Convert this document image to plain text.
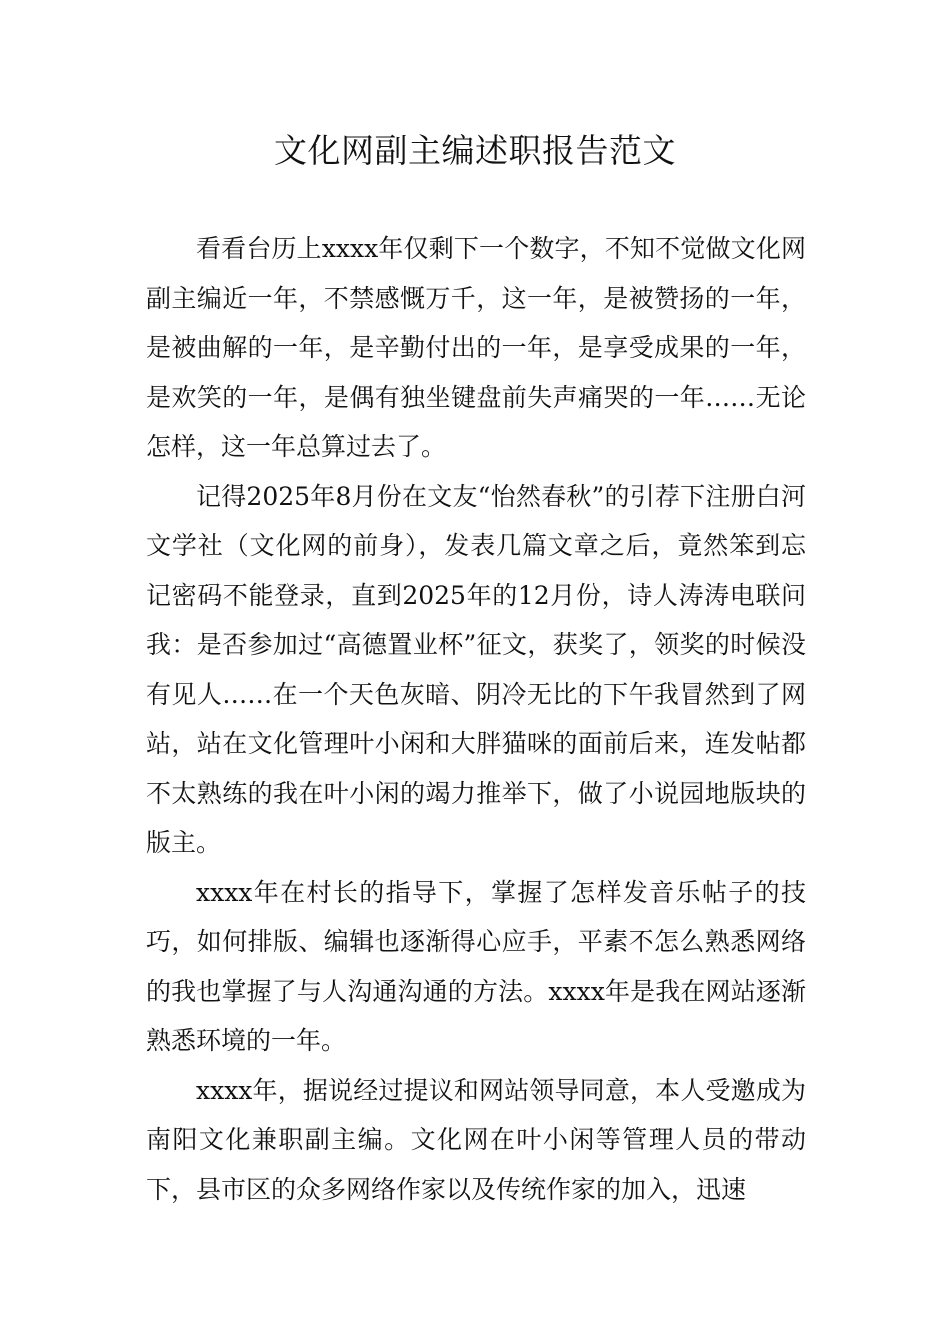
文化网副主编述职报告范文

看看台历上xxxx年仅剩下一个数字，不知不觉做文化网副主编近一年，不禁感慨万千，这一年，是被赞扬的一年，是被曲解的一年，是辛勤付出的一年，是享受成果的一年，是欢笑的一年，是偶有独坐键盘前失声痛哭的一年……无论怎样，这一年总算过去了。

记得2025年8月份在文友“怡然春秋”的引荐下注册白河文学社（文化网的前身），发表几篇文章之后，竟然笨到忘记密码不能登录，直到2025年的12月份，诗人涛涛电联问我：是否参加过“高德置业杯”征文，获奖了，领奖的时候没有见人……在一个天色灰暗、阴冷无比的下午我冒然到了网站，站在文化管理叶小闲和大胖猫咪的面前后来，连发帖都不太熟练的我在叶小闲的竭力推举下，做了小说园地版块的版主。

xxxx年在村长的指导下，掌握了怎样发音乐帖子的技巧，如何排版、编辑也逐渐得心应手，平素不怎么熟悉网络的我也掌握了与人沟通沟通的方法。xxxx年是我在网站逐渐熟悉环境的一年。

xxxx年，据说经过提议和网站领导同意，本人受邀成为南阳文化兼职副主编。文化网在叶小闲等管理人员的带动下，县市区的众多网络作家以及传统作家的加入，迅速
